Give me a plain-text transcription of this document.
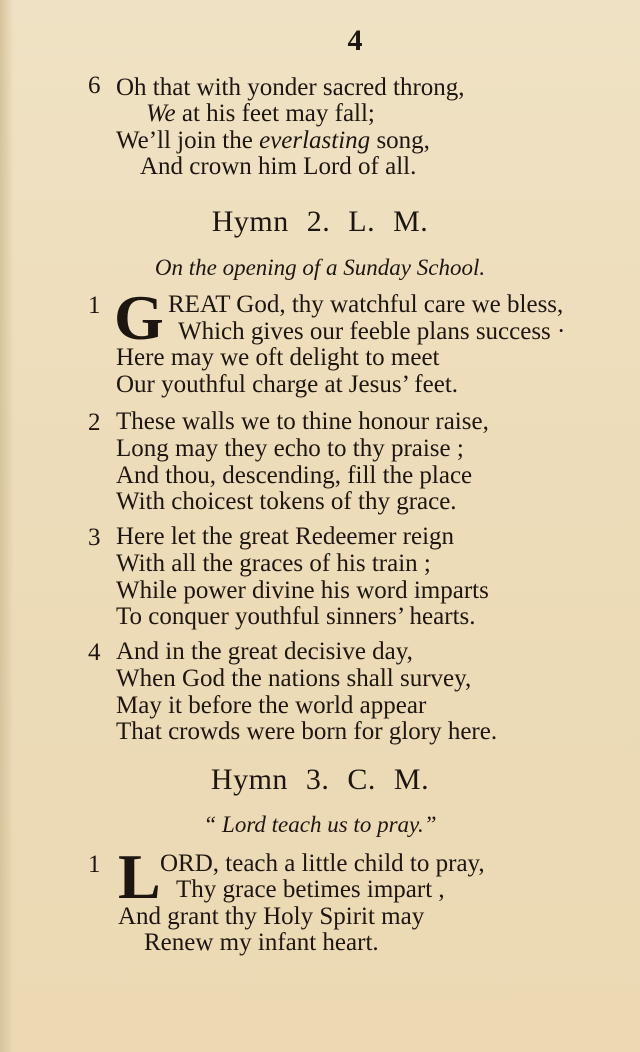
4
6 Oh that with yonder sacred throng,
We at his feet may fall;
We’ll join the everlasting song,
And crown him Lord of all.
Hymn 2. L. M.
On the opening of a Sunday School.
1 G REAT God, thy watchful care we bless,
Which gives our feeble plans success ·
Here may we oft delight to meet
Our youthful charge at Jesus’ feet.
2 These walls we to thine honour raise,
Long may they echo to thy praise ;
And thou, descending, fill the place
With choicest tokens of thy grace.
3 Here let the great Redeemer reign
With all the graces of his train ;
While power divine his word imparts
To conquer youthful sinners’ hearts.
4 And in the great decisive day,
When God the nations shall survey,
May it before the world appear
That crowds were born for glory here.
Hymn 3. C. M.
“ Lord teach us to pray.”
1 L ORD, teach a little child to pray,
Thy grace betimes impart ,
And grant thy Holy Spirit may
Renew my infant heart.
